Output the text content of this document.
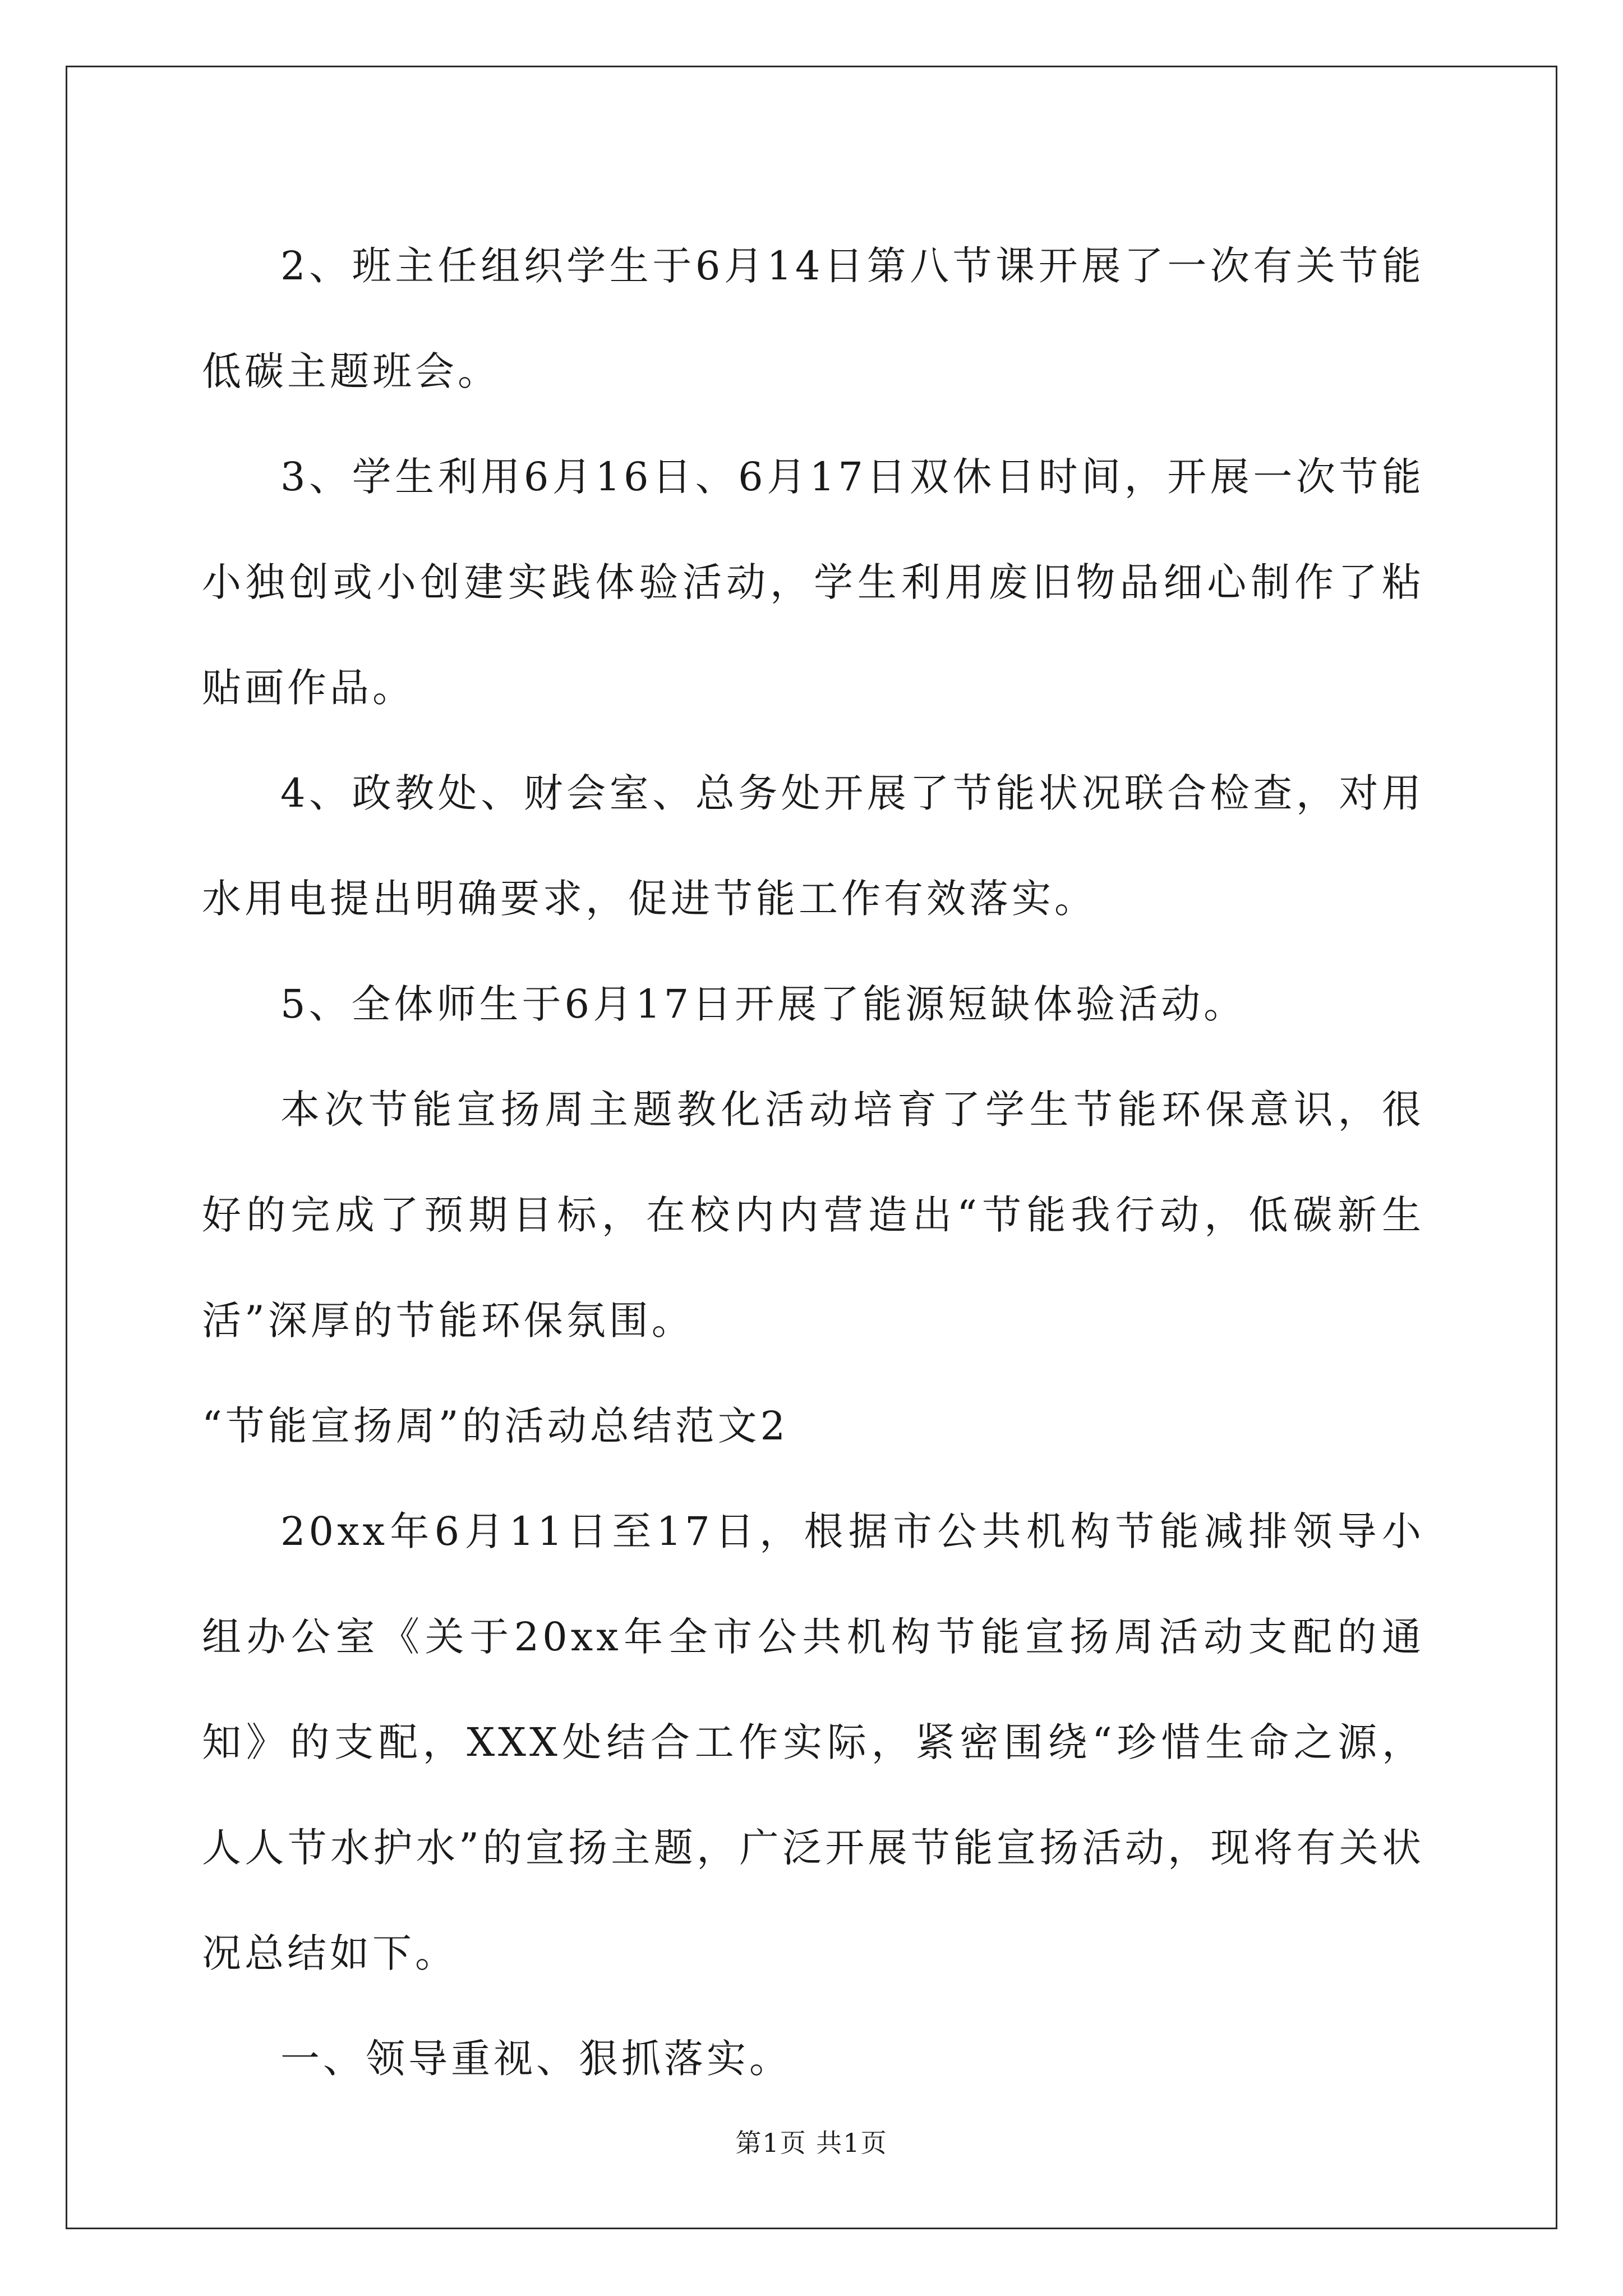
2、班主任组织学生于6月14日第八节课开展了一次有关节能低碳主题班会。

3、学生利用6月16日、6月17日双休日时间，开展一次节能小独创或小创建实践体验活动，学生利用废旧物品细心制作了粘贴画作品。

4、政教处、财会室、总务处开展了节能状况联合检查，对用水用电提出明确要求，促进节能工作有效落实。

5、全体师生于6月17日开展了能源短缺体验活动。

本次节能宣扬周主题教化活动培育了学生节能环保意识，很好的完成了预期目标，在校内内营造出“节能我行动，低碳新生活”深厚的节能环保氛围。

“节能宣扬周”的活动总结范文2

20xx年6月11日至17日，根据市公共机构节能减排领导小组办公室《关于20xx年全市公共机构节能宣扬周活动支配的通知》的支配，XXX处结合工作实际，紧密围绕“珍惜生命之源，人人节水护水”的宣扬主题，广泛开展节能宣扬活动，现将有关状况总结如下。

一、领导重视、狠抓落实。

第1页 共1页
